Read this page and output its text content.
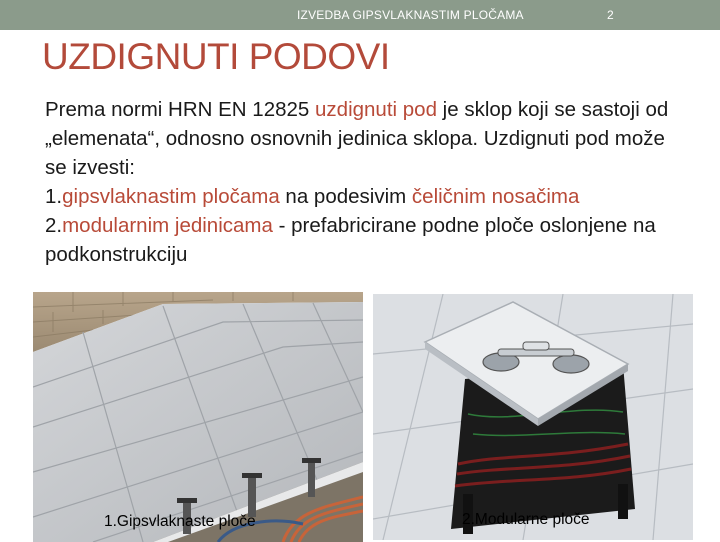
IZVEDBA GIPSVLAKNASTIM PLOČAMA	2
UZDIGNUTI PODOVI

Prema normi HRN EN 12825 uzdignuti pod je sklop koji se sastoji od „elemenata“, odnosno osnovnih jedinica sklopa. Uzdignuti pod može se izvesti:

1.gipsvlaknastim pločama na podesivim čeličnim nosačima

2.modularnim jedinicama - prefabricirane podne ploče oslonjene na podkonstrukciju

1.Gipsvlaknaste ploče	2.Modularne ploče
